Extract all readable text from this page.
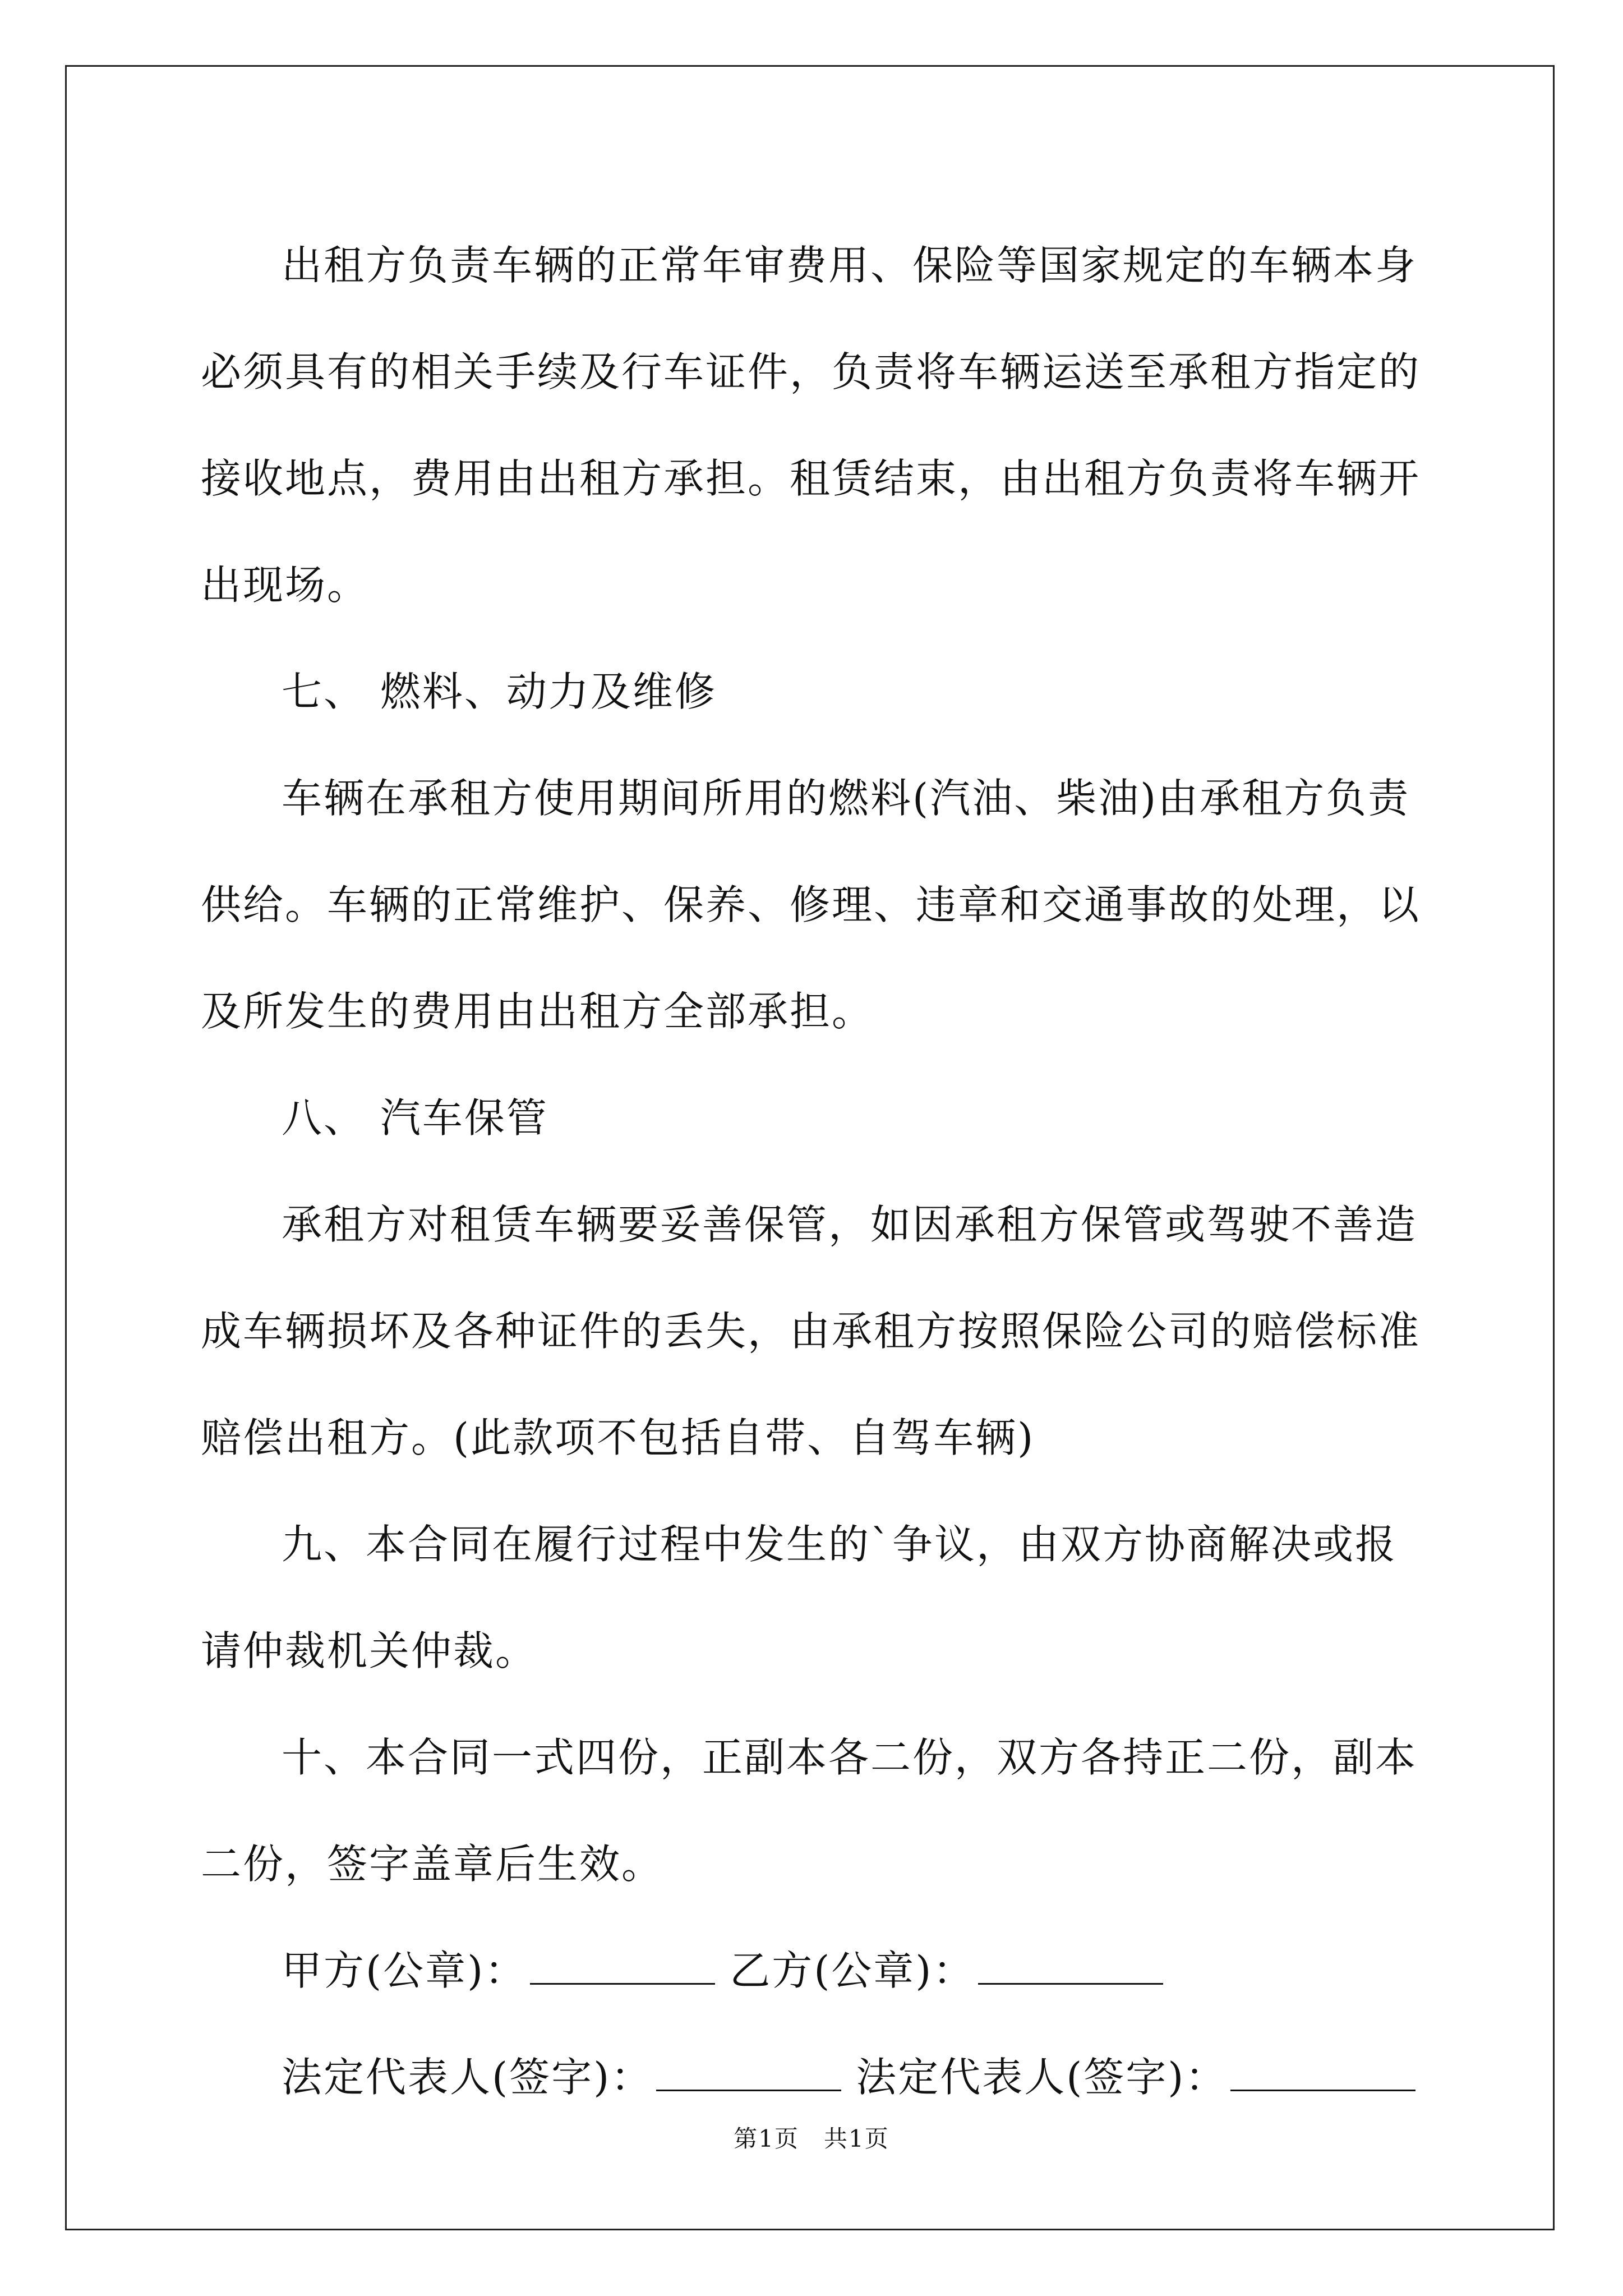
出租方负责车辆的正常年审费用、保险等国家规定的车辆本身必须具有的相关手续及行车证件，负责将车辆运送至承租方指定的接收地点，费用由出租方承担。租赁结束，由出租方负责将车辆开出现场。

七、 燃料、动力及维修

车辆在承租方使用期间所用的燃料(汽油、柴油)由承租方负责供给。车辆的正常维护、保养、修理、违章和交通事故的处理，以及所发生的费用由出租方全部承担。

八、 汽车保管

承租方对租赁车辆要妥善保管，如因承租方保管或驾驶不善造成车辆损坏及各种证件的丢失，由承租方按照保险公司的赔偿标准赔偿出租方。(此款项不包括自带、自驾车辆)

九、本合同在履行过程中发生的`争议，由双方协商解决或报请仲裁机关仲裁。

十、本合同一式四份，正副本各二份，双方各持正二份，副本二份，签字盖章后生效。

甲方(公章)：	乙方(公章)：
法定代表人(签字)：	法定代表人(签字)：
第1页　共1页
